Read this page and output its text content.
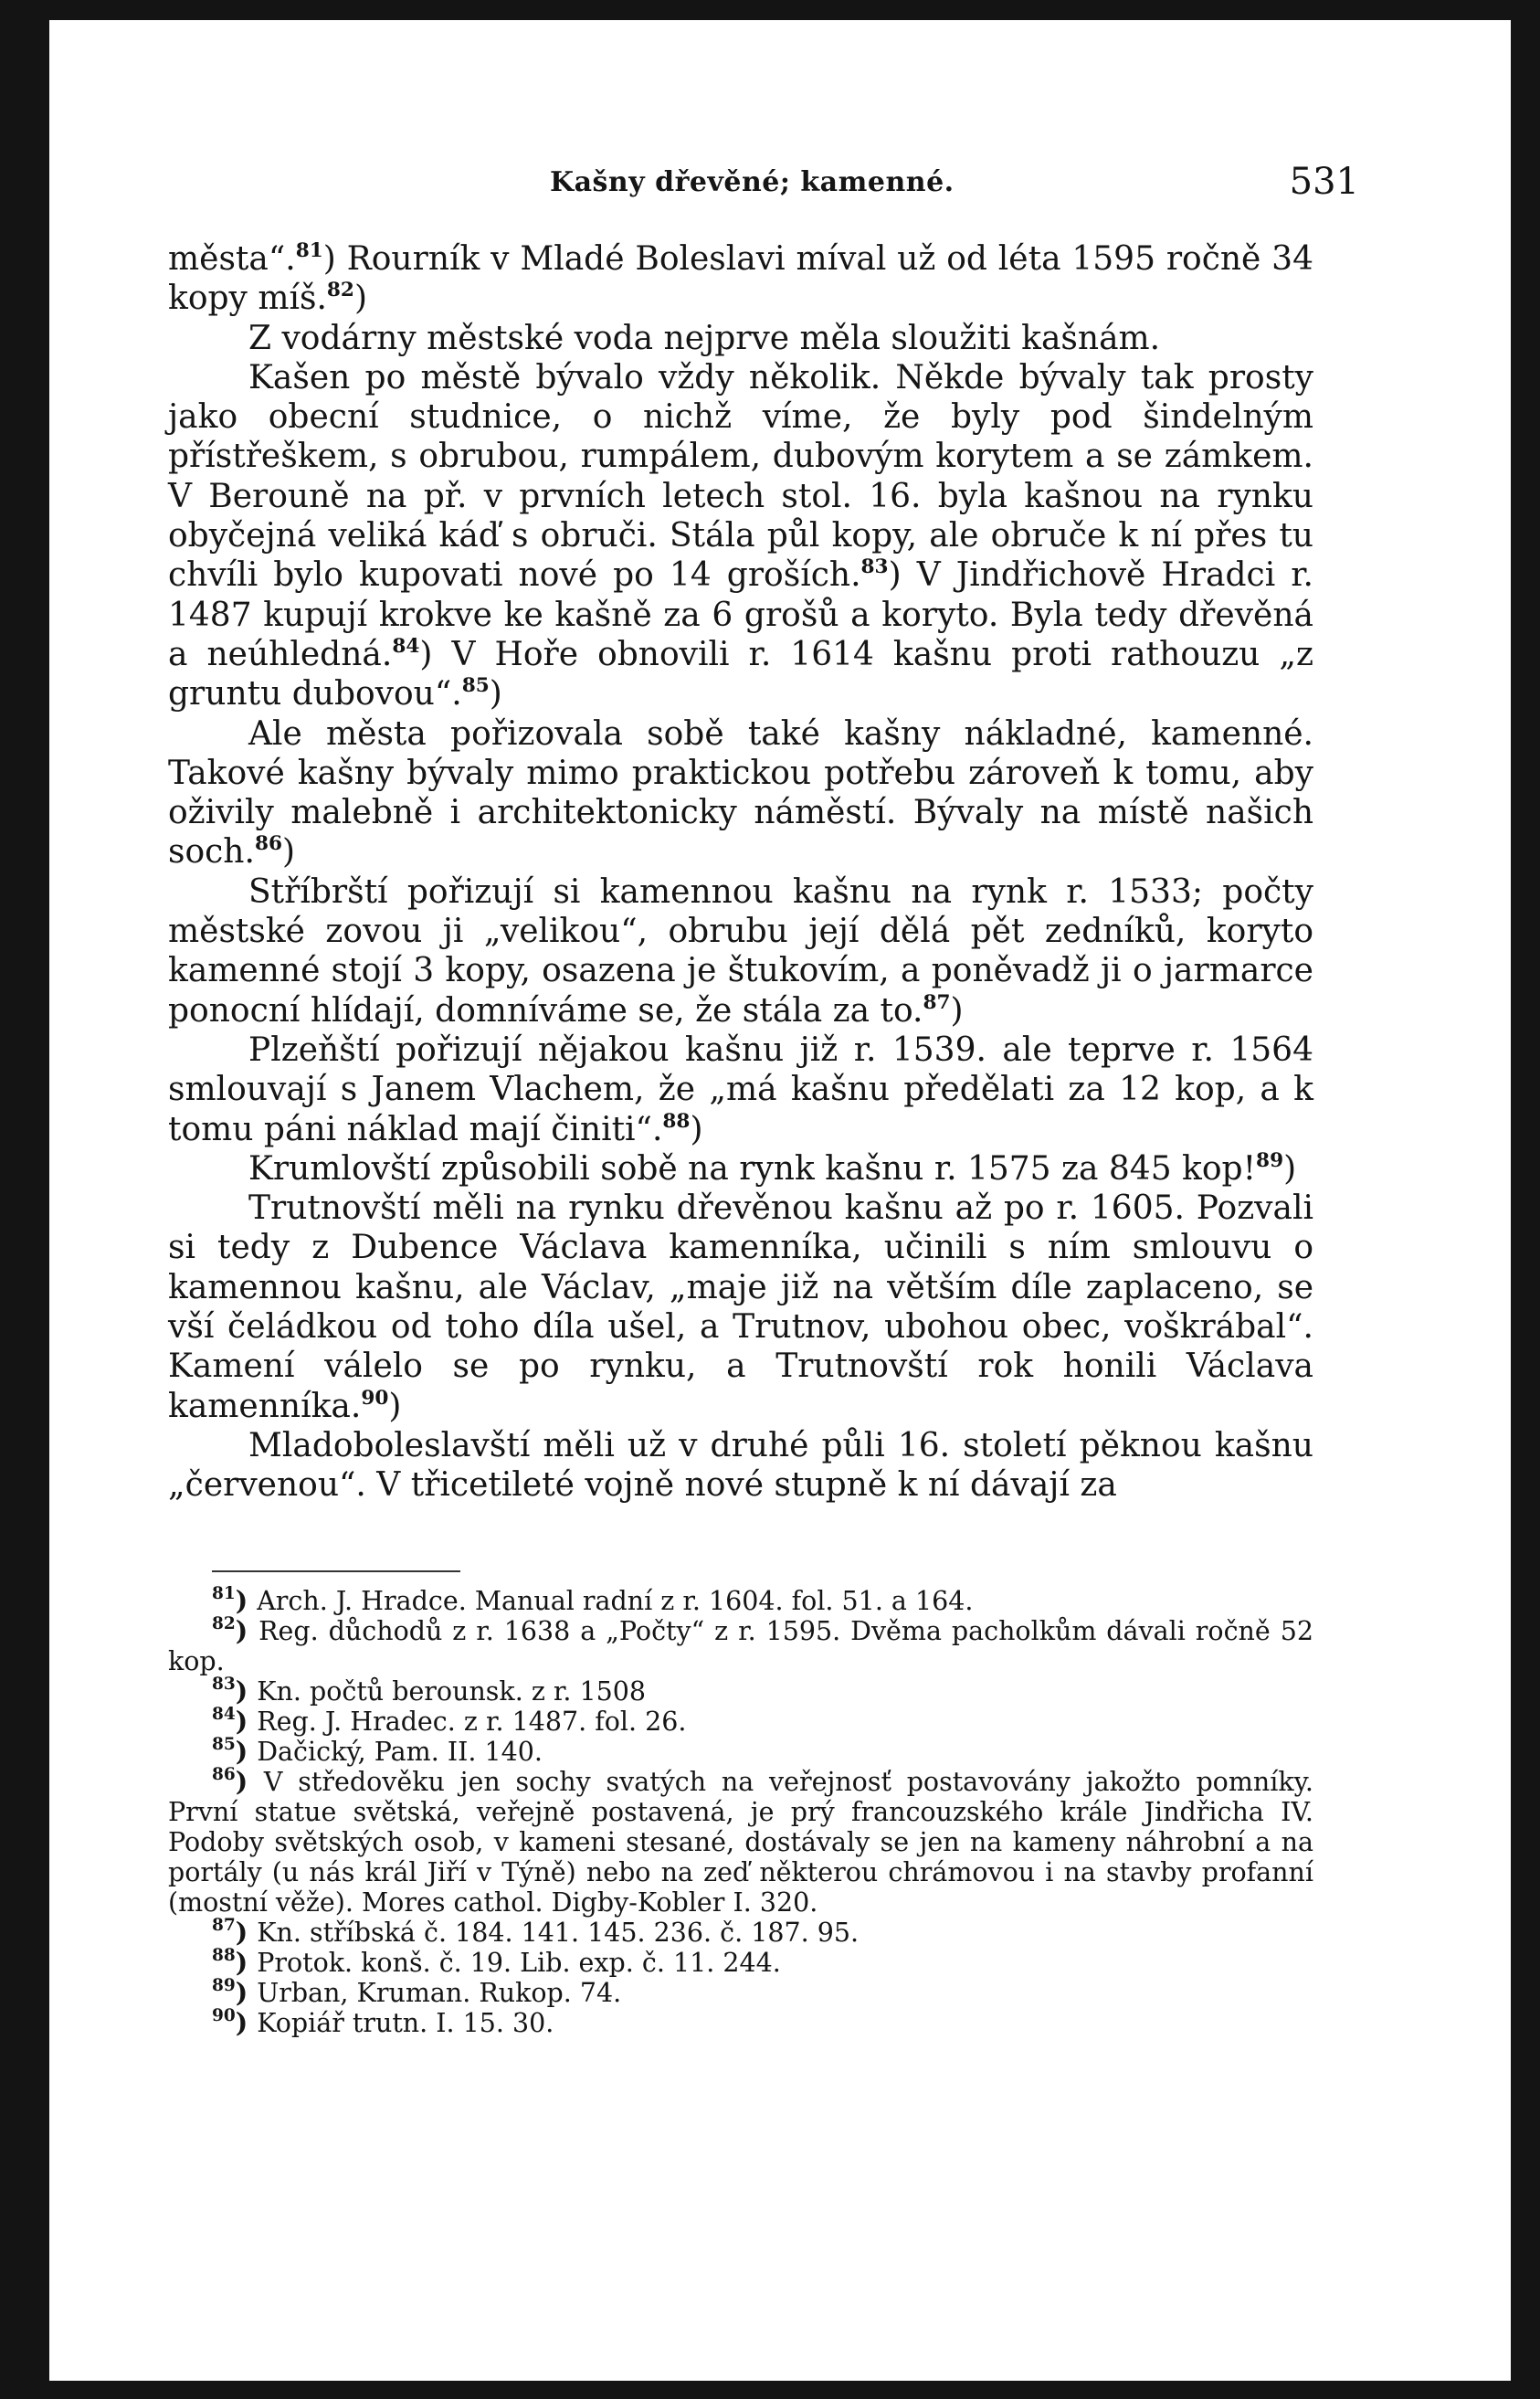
Kašny dřevěné; kamenné.	531

města“.$^{81}$) Rourník v Mladé Boleslavi míval už od léta 1595 ročně 34 kopy míš.$^{82}$)

Z vodárny městské voda nejprve měla sloužiti kašnám.

Kašen po městě bývalo vždy několik. Někde bývaly tak prosty jako obecní studnice, o nichž víme, že byly pod šindelným přístřeškem, s obrubou, rumpálem, dubovým korytem a se zámkem. V Berouně na př. v prvních letech stol. 16. byla kašnou na rynku obyčejná veliká káď s obruči. Stála půl kopy, ale obruče k ní přes tu chvíli bylo kupovati nové po 14 groších.$^{83}$) V Jindřichově Hradci r. 1487 kupují krokve ke kašně za 6 grošů a koryto. Byla tedy dřevěná a neúhledná.$^{84}$) V Hoře obnovili r. 1614 kašnu proti rathouzu „z gruntu dubovou“.$^{85}$)

Ale města pořizovala sobě také kašny nákladné, kamenné. Takové kašny bývaly mimo praktickou potřebu zároveň k tomu, aby oživily malebně i architektonicky náměstí. Bývaly na místě našich soch.$^{86}$)

Stříbrští pořizují si kamennou kašnu na rynk r. 1533; počty městské zovou ji „velikou“, obrubu její dělá pět zedníků, koryto kamenné stojí 3 kopy, osazena je štukovím, a poněvadž ji o jarmarce ponocní hlídají, domníváme se, že stála za to.$^{87}$)

Plzeňští pořizují nějakou kašnu již r. 1539. ale teprve r. 1564 smlouvají s Janem Vlachem, že „má kašnu předělati za 12 kop, a k tomu páni náklad mají činiti“.$^{88}$)

Krumlovští způsobili sobě na rynk kašnu r. 1575 za 845 kop!$^{89}$)

Trutnovští měli na rynku dřevěnou kašnu až po r. 1605. Pozvali si tedy z Dubence Václava kamenníka, učinili s ním smlouvu o kamennou kašnu, ale Václav, „maje již na větším díle zaplaceno, se vší čeládkou od toho díla ušel, a Trutnov, ubohou obec, voškrábal“. Kamení válelo se po rynku, a Trutnovští rok honili Václava kamenníka.$^{90}$)

Mladoboleslavští měli už v druhé půli 16. století pěknou kašnu „červenou“. V třicetileté vojně nové stupně k ní dávají za

$^{81}$) Arch. J. Hradce. Manual radní z r. 1604. fol. 51. a 164.

$^{82}$) Reg. důchodů z r. 1638 a „Počty“ z r. 1595. Dvěma pacholkům dávali ročně 52 kop.

$^{83}$) Kn. počtů berounsk. z r. 1508

$^{84}$) Reg. J. Hradec. z r. 1487. fol. 26.

$^{85}$) Dačický, Pam. II. 140.

$^{86}$) V středověku jen sochy svatých na veřejnosť postavovány jakožto pomníky. První statue světská, veřejně postavená, je prý francouzského krále Jindřicha IV. Podoby světských osob, v kameni stesané, dostávaly se jen na kameny náhrobní a na portály (u nás král Jiří v Týně) nebo na zeď některou chrámovou i na stavby profanní (mostní věže). Mores cathol. Digby-Kobler I. 320.

$^{87}$) Kn. stříbská č. 184. 141. 145. 236. č. 187. 95.

$^{88}$) Protok. konš. č. 19. Lib. exp. č. 11. 244.

$^{89}$) Urban, Kruman. Rukop. 74.

$^{90}$) Kopiář trutn. I. 15. 30.
